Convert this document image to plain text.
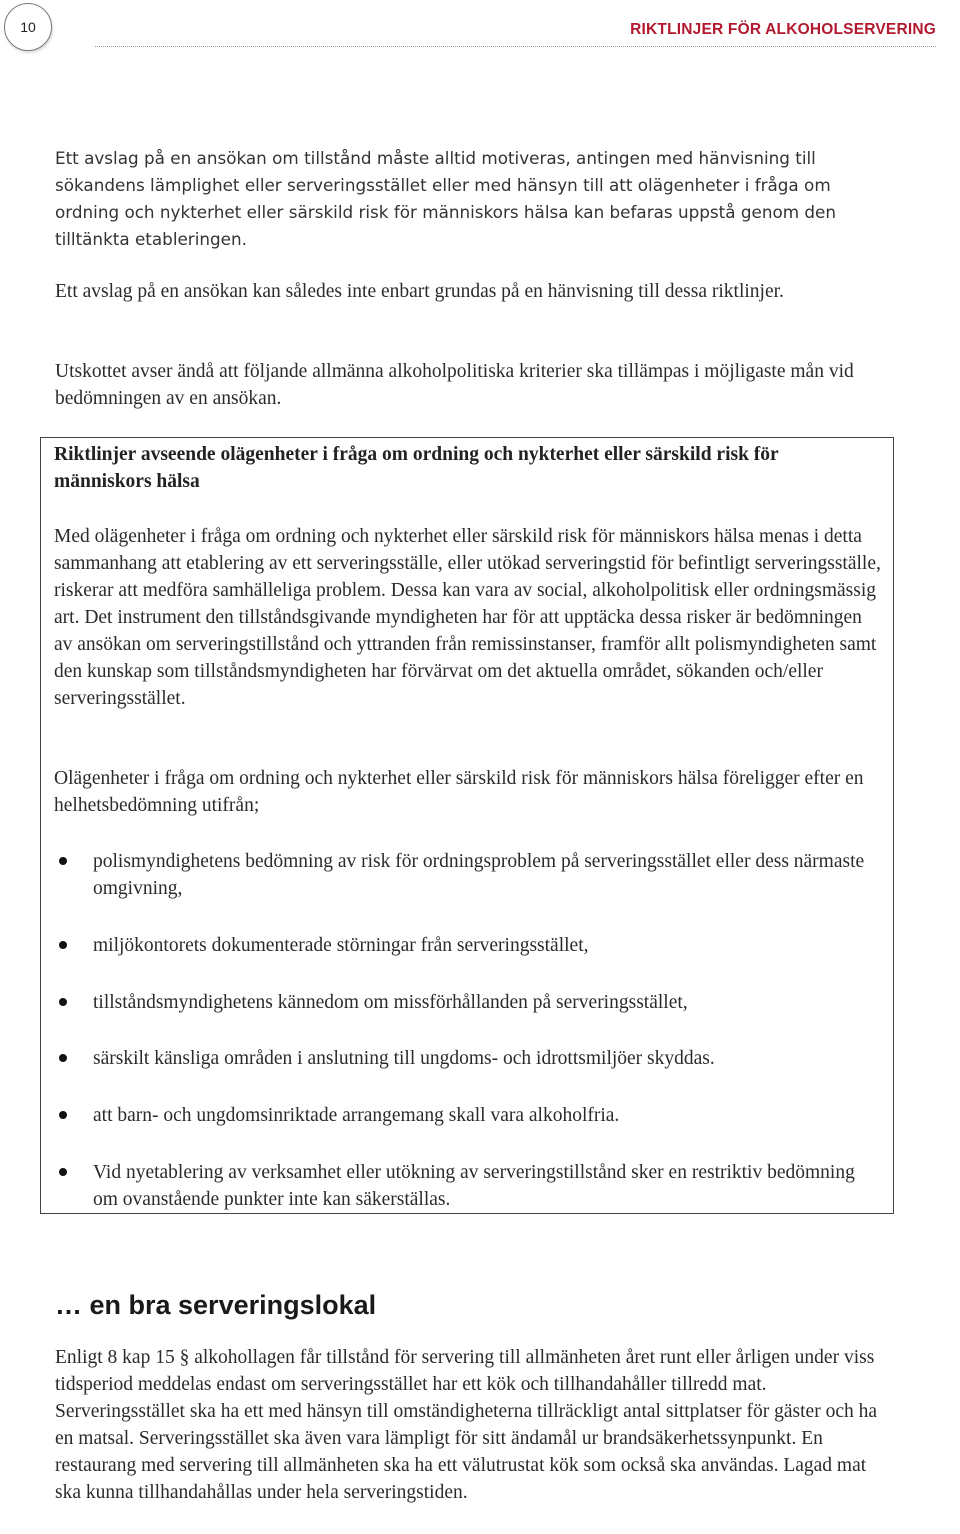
10	RIKTLINJER FÖR ALKOHOLSERVERING

Ett avslag på en ansökan om tillstånd måste alltid motiveras, antingen med hänvisning till sökandens lämplighet eller serveringsstället eller med hänsyn till att olägenheter i fråga om ordning och nykterhet eller särskild risk för människors hälsa kan befaras uppstå genom den tilltänkta etableringen.

Ett avslag på en ansökan kan således inte enbart grundas på en hänvisning till dessa riktlinjer.

Utskottet avser ändå att följande allmänna alkoholpolitiska kriterier ska tillämpas i möjligaste mån vid bedömningen av en ansökan.

Riktlinjer avseende olägenheter i fråga om ordning och nykterhet eller särskild risk för människors hälsa

Med olägenheter i fråga om ordning och nykterhet eller särskild risk för människors hälsa menas i detta sammanhang att etablering av ett serveringsställe, eller utökad serveringstid för befintligt serveringsställe, riskerar att medföra samhälleliga problem. Dessa kan vara av social, alkoholpolitisk eller ordningsmässig art. Det instrument den tillståndsgivande myndigheten har för att upptäcka dessa risker är bedömningen av ansökan om serveringstillstånd och yttranden från remissinstanser, framför allt polismyndigheten samt den kunskap som tillståndsmyndigheten har förvärvat om det aktuella området, sökanden och/eller serveringsstället.

Olägenheter i fråga om ordning och nykterhet eller särskild risk för människors hälsa föreligger efter en helhetsbedömning utifrån;

polismyndighetens bedömning av risk för ordningsproblem på serveringsstället eller dess närmaste omgivning,
miljökontorets dokumenterade störningar från serveringsstället,
tillståndsmyndighetens kännedom om missförhållanden på serveringsstället,
särskilt känsliga områden i anslutning till ungdoms- och idrottsmiljöer skyddas.
att barn- och ungdomsinriktade arrangemang skall vara alkoholfria.
Vid nyetablering av verksamhet eller utökning av serveringstillstånd sker en restriktiv bedömning om ovanstående punkter inte kan säkerställas.
… en bra serveringslokal

Enligt 8 kap 15 § alkohollagen får tillstånd för servering till allmänheten året runt eller årligen under viss tidsperiod meddelas endast om serveringsstället har ett kök och tillhandahåller tillredd mat. Serveringsstället ska ha ett med hänsyn till omständigheterna tillräckligt antal sittplatser för gäster och ha en matsal. Serveringsstället ska även vara lämpligt för sitt ändamål ur brandsäkerhetssynpunkt. En restaurang med servering till allmänheten ska ha ett välutrustat kök som också ska användas. Lagad mat ska kunna tillhandahållas under hela serveringstiden.
